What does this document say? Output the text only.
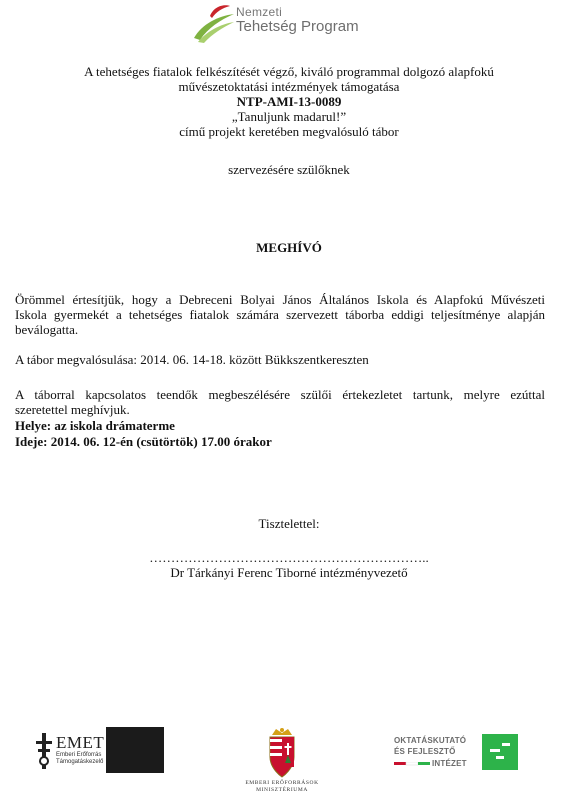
Nemzeti
Tehetség Program
A tehetséges fiatalok felkészítését végző, kiváló programmal dolgozó alapfokú
művészetoktatási intézmények támogatása
NTP-AMI-13-0089
„Tanuljunk madarul!”
című projekt keretében megvalósuló tábor
szervezésére szülőknek
MEGHÍVÓ
Örömmel értesítjük, hogy a Debreceni Bolyai János Általános Iskola és Alapfokú Művészeti
Iskola gyermekét a tehetséges fiatalok számára szervezett táborba eddigi teljesítménye alapján
beválogatta.
A tábor megvalósulása: 2014. 06. 14-18. között Bükkszentkereszten
A táborral kapcsolatos teendők megbeszélésére szülői értekezletet tartunk, melyre ezúttal
szeretettel meghívjuk.
Helye: az iskola drámaterme
Ideje: 2014. 06. 12-én (csütörtök) 17.00 órakor
Tisztelettel:
………………………………………………………..
Dr Tárkányi Ferenc Tiborné intézményvezető
EMET
Emberi Erőforrás
Támogatáskezelő
EMBERI ERŐFORRÁSOK
MINISZTÉRIUMA
OKTATÁSKUTATÓ
ÉS FEJLESZTŐ
INTÉZET
